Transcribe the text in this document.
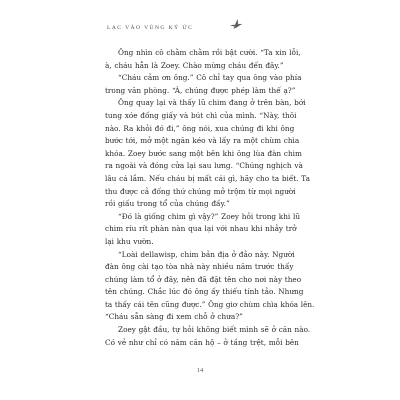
LẠC VÀO VÙNG KÝ ỨC
Ông nhìn cô chằm chằm rồi bật cười. “Ta xin lỗi,
à, cháu hẳn là Zoey. Chào mừng cháu đến đây.”
“Cháu cảm ơn ông.” Cô chỉ tay qua ông vào phía
trong văn phòng. “À, chúng được phép làm thế ạ?”
Ông quay lại và thấy lũ chim đang ở trên bàn, bới
tung xóe đống giấy và bút chì của mình. “Này, thôi
nào. Ra khỏi đó đi,” ông nói, xua chúng đi khi ông
bước tới, mở một ngăn kéo và lấy ra một chùm chìa
khóa. Zoey bước sang một bên khi ông lùa đàn chim
ra ngoài và đóng cửa lại sau lưng. “Chúng nghịch và
lâu cá lắm. Nếu cháu bị mất cái gì, hãy cho ta biết. Ta
thu được cả đống thứ chúng mở trộm từ mọi người
rồi giấu trong tổ của chúng đấy.”
“Đó là giống chim gì vậy?” Zoey hỏi trong khi lũ
chim ríu rít phàn nàn qua lại với nhau khi nhảy trở
lại khu vườn.
“Loài dellawisp, chim bản địa ở đảo này. Người
đàn ông cài tạo tòa nhà này nhiều năm trước thấy
chúng làm tổ ở đây, nên đã đặt tên cho nơi này theo
tên chúng. Chắc lúc đó ông ấy thiếu tính tảo. Nhưng
ta thấy cái tên cũng được.” Ông giơ chùm chìa khóa lên.
“Cháu sẵn sàng đi xem chỗ ở chưa?”
Zoey gật đầu, tự hỏi không biết mình sẽ ở căn nào.
Có vẻ như chỉ có năm căn hộ – ở tầng trệt, mỗi bên
14
